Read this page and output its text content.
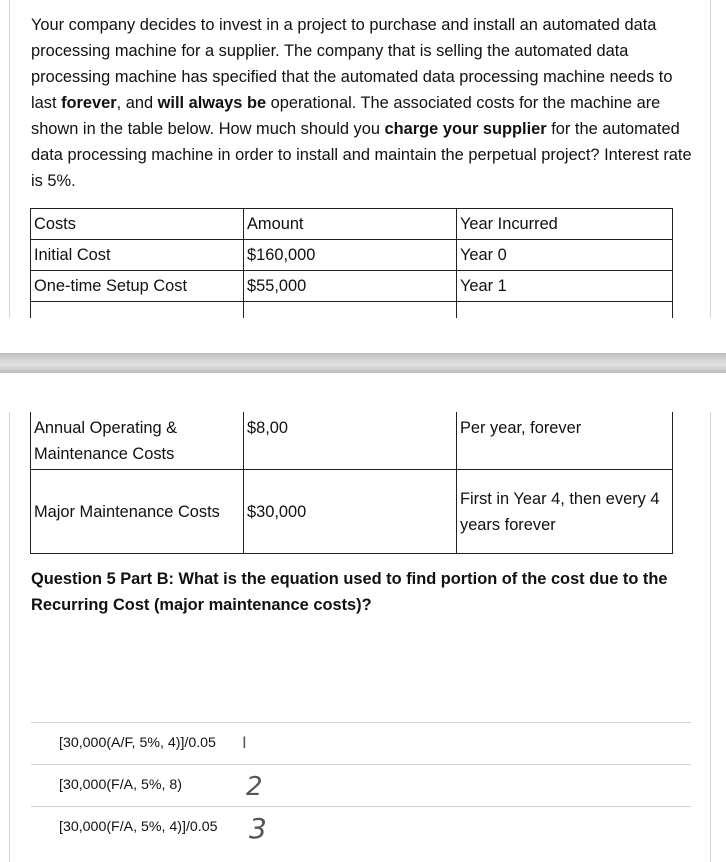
Your company decides to invest in a project to purchase and install an automated data processing machine for a supplier. The company that is selling the automated data processing machine has specified that the automated data processing machine needs to last forever, and will always be operational. The associated costs for the machine are shown in the table below. How much should you charge your supplier for the automated data processing machine in order to install and maintain the perpetual project? Interest rate is 5%.

Costs	Amount	Year Incurred
Initial Cost	$160,000	Year 0
One-time Setup Cost	$55,000	Year 1

Annual Operating & Maintenance Costs	$8,00	Per year, forever
Major Maintenance Costs	$30,000	First in Year 4, then every 4 years forever
Question 5 Part B: What is the equation used to find portion of the cost due to the Recurring Cost (major maintenance costs)?
[30,000(A/F, 5%, 4)]/0.05
[30,000(F/A, 5%, 8)
[30,000(F/A, 5%, 4)]/0.05
I
2
3
